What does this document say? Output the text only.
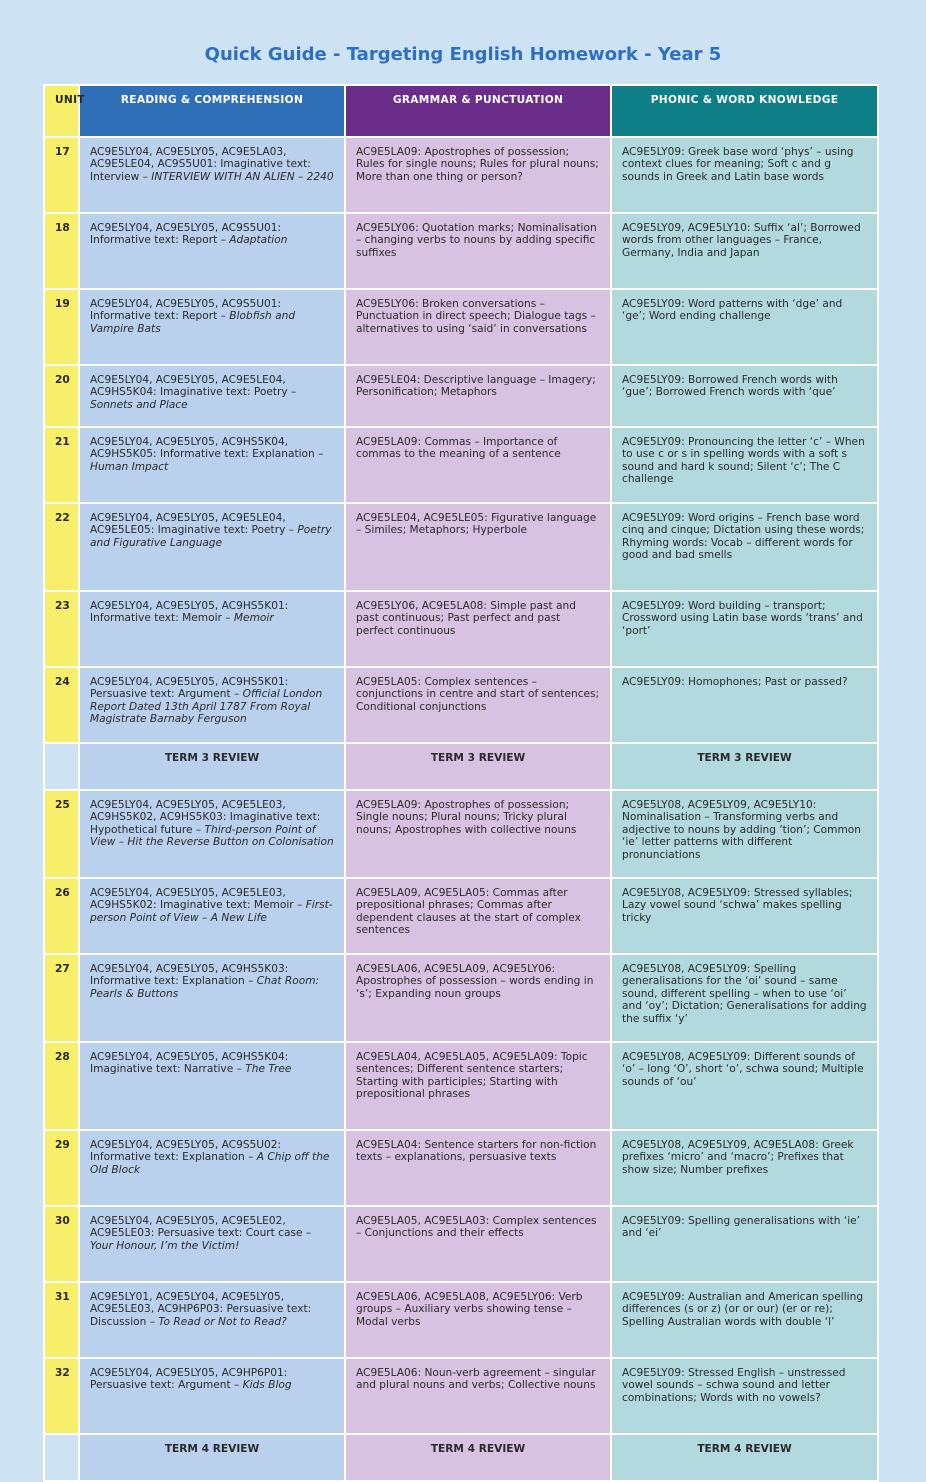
Quick Guide - Targeting English Homework - Year 5
UNIT	READING & COMPREHENSION	GRAMMAR & PUNCTUATION	PHONIC & WORD KNOWLEDGE
17	AC9E5LY04, AC9E5LY05, AC9E5LA03, AC9E5LE04, AC9S5U01: Imaginative text: Interview – INTERVIEW WITH AN ALIEN – 2240	AC9E5LA09: Apostrophes of possession; Rules for single nouns; Rules for plural nouns; More than one thing or person?	AC9E5LY09: Greek base word ‘phys’ – using context clues for meaning; Soft c and g sounds in Greek and Latin base words
18	AC9E5LY04, AC9E5LY05, AC9S5U01: Informative text: Report – Adaptation	AC9E5LY06: Quotation marks; Nominalisation – changing verbs to nouns by adding specific suffixes	AC9E5LY09, AC9E5LY10: Suffix ‘al’; Borrowed words from other languages – France, Germany, India and Japan
19	AC9E5LY04, AC9E5LY05, AC9S5U01: Informative text: Report – Blobfish and Vampire Bats	AC9E5LY06: Broken conversations – Punctuation in direct speech; Dialogue tags – alternatives to using ‘said’ in conversations	AC9E5LY09: Word patterns with ‘dge’ and ‘ge’; Word ending challenge
20	AC9E5LY04, AC9E5LY05, AC9E5LE04, AC9HS5K04: Imaginative text: Poetry – Sonnets and Place	AC9E5LE04: Descriptive language – Imagery; Personification; Metaphors	AC9E5LY09: Borrowed French words with ‘gue’; Borrowed French words with ‘que’
21	AC9E5LY04, AC9E5LY05, AC9HS5K04, AC9HS5K05: Informative text: Explanation – Human Impact	AC9E5LA09: Commas – Importance of commas to the meaning of a sentence	AC9E5LY09: Pronouncing the letter ‘c’ – When to use c or s in spelling words with a soft s sound and hard k sound; Silent ‘c’; The C challenge
22	AC9E5LY04, AC9E5LY05, AC9E5LE04, AC9E5LE05: Imaginative text: Poetry – Poetry and Figurative Language	AC9E5LE04, AC9E5LE05: Figurative language – Similes; Metaphors; Hyperbole	AC9E5LY09: Word origins – French base word cinq and cinque; Dictation using these words; Rhyming words: Vocab – different words for good and bad smells
23	AC9E5LY04, AC9E5LY05, AC9HS5K01: Informative text: Memoir – Memoir	AC9E5LY06, AC9E5LA08: Simple past and past continuous; Past perfect and past perfect continuous	AC9E5LY09: Word building – transport; Crossword using Latin base words ‘trans’ and ‘port’
24	AC9E5LY04, AC9E5LY05, AC9HS5K01: Persuasive text: Argument – Official London Report Dated 13th April 1787 From Royal Magistrate Barnaby Ferguson	AC9E5LA05: Complex sentences – conjunctions in centre and start of sentences; Conditional conjunctions	AC9E5LY09: Homophones; Past or passed?
	TERM 3 REVIEW	TERM 3 REVIEW	TERM 3 REVIEW
25	AC9E5LY04, AC9E5LY05, AC9E5LE03, AC9HS5K02, AC9HS5K03: Imaginative text: Hypothetical future – Third-person Point of View – Hit the Reverse Button on Colonisation	AC9E5LA09: Apostrophes of possession; Single nouns; Plural nouns; Tricky plural nouns; Apostrophes with collective nouns	AC9E5LY08, AC9E5LY09, AC9E5LY10: Nominalisation – Transforming verbs and adjective to nouns by adding ‘tion’; Common ‘ie’ letter patterns with different pronunciations
26	AC9E5LY04, AC9E5LY05, AC9E5LE03, AC9HS5K02: Imaginative text: Memoir – First-person Point of View – A New Life	AC9E5LA09, AC9E5LA05: Commas after prepositional phrases; Commas after dependent clauses at the start of complex sentences	AC9E5LY08, AC9E5LY09: Stressed syllables; Lazy vowel sound ‘schwa’ makes spelling tricky
27	AC9E5LY04, AC9E5LY05, AC9HS5K03: Informative text: Explanation – Chat Room: Pearls & Buttons	AC9E5LA06, AC9E5LA09, AC9E5LY06: Apostrophes of possession – words ending in ‘s’; Expanding noun groups	AC9E5LY08, AC9E5LY09: Spelling generalisations for the ‘oi’ sound – same sound, different spelling – when to use ‘oi’ and ‘oy’; Dictation; Generalisations for adding the suffix ‘y’
28	AC9E5LY04, AC9E5LY05, AC9HS5K04: Imaginative text: Narrative – The Tree	AC9E5LA04, AC9E5LA05, AC9E5LA09: Topic sentences; Different sentence starters; Starting with participles; Starting with prepositional phrases	AC9E5LY08, AC9E5LY09: Different sounds of ‘o’ – long ‘O’, short ‘o’, schwa sound; Multiple sounds of ‘ou’
29	AC9E5LY04, AC9E5LY05, AC9S5U02: Informative text: Explanation – A Chip off the Old Block	AC9E5LA04: Sentence starters for non-fiction texts – explanations, persuasive texts	AC9E5LY08, AC9E5LY09, AC9E5LA08: Greek prefixes ‘micro’ and ‘macro’; Prefixes that show size; Number prefixes
30	AC9E5LY04, AC9E5LY05, AC9E5LE02, AC9E5LE03: Persuasive text: Court case – Your Honour, I’m the Victim!	AC9E5LA05, AC9E5LA03: Complex sentences – Conjunctions and their effects	AC9E5LY09: Spelling generalisations with ‘ie’ and ‘ei’
31	AC9E5LY01, AC9E5LY04, AC9E5LY05, AC9E5LE03, AC9HP6P03: Persuasive text: Discussion – To Read or Not to Read?	AC9E5LA06, AC9E5LA08, AC9E5LY06: Verb groups – Auxiliary verbs showing tense – Modal verbs	AC9E5LY09: Australian and American spelling differences (s or z) (or or our) (er or re); Spelling Australian words with double ‘l’
32	AC9E5LY04, AC9E5LY05, AC9HP6P01: Persuasive text: Argument – Kids Blog	AC9E5LA06: Noun-verb agreement – singular and plural nouns and verbs; Collective nouns	AC9E5LY09: Stressed English – unstressed vowel sounds – schwa sound and letter combinations; Words with no vowels?
	TERM 4 REVIEW	TERM 4 REVIEW	TERM 4 REVIEW
